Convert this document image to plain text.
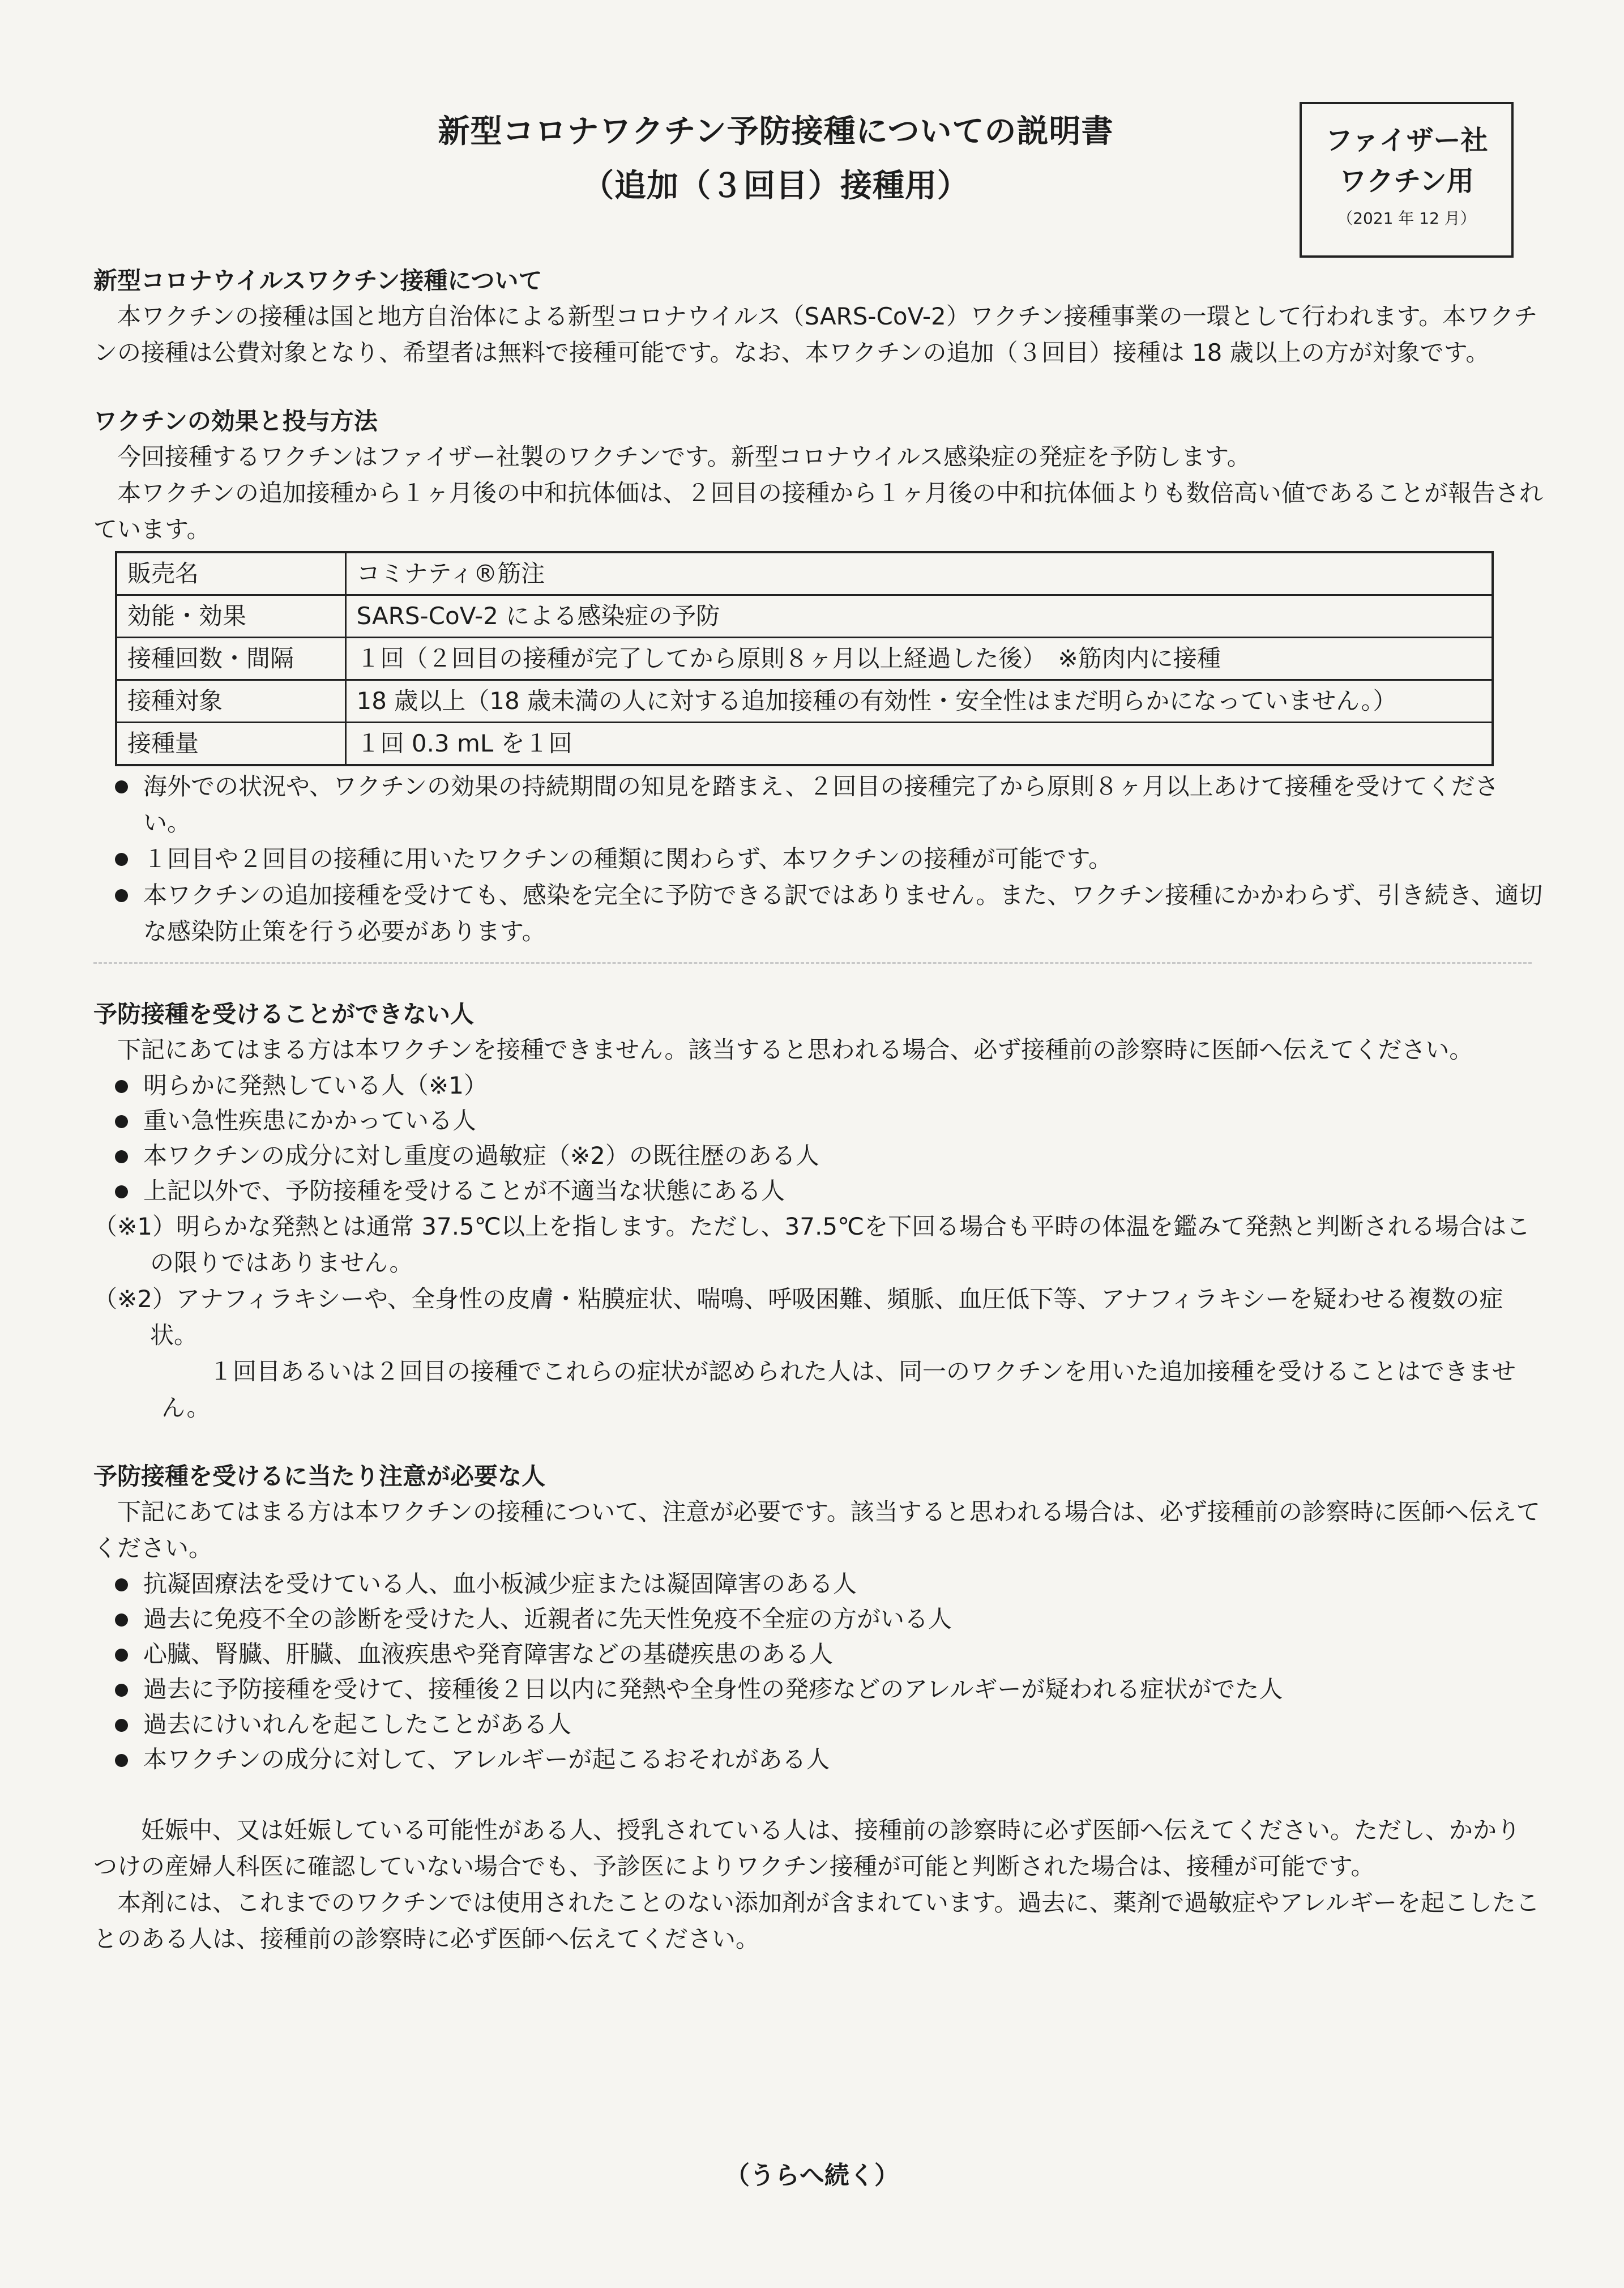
新型コロナワクチン予防接種についての説明書
（追加（３回目）接種用）
ファイザー社
ワクチン用
（2021 年 12 月）
新型コロナウイルスワクチン接種について

本ワクチンの接種は国と地方自治体による新型コロナウイルス（SARS-CoV-2）ワクチン接種事業の一環として行われます。本ワクチンの接種は公費対象となり、希望者は無料で接種可能です。なお、本ワクチンの追加（３回目）接種は 18 歳以上の方が対象です。

ワクチンの効果と投与方法

今回接種するワクチンはファイザー社製のワクチンです。新型コロナウイルス感染症の発症を予防します。

本ワクチンの追加接種から１ヶ月後の中和抗体価は、２回目の接種から１ヶ月後の中和抗体価よりも数倍高い値であることが報告されています。

販売名	コミナティ®筋注
効能・効果	SARS-CoV-2 による感染症の予防
接種回数・間隔	１回（２回目の接種が完了してから原則８ヶ月以上経過した後）　※筋肉内に接種
接種対象	18 歳以上（18 歳未満の人に対する追加接種の有効性・安全性はまだ明らかになっていません。）
接種量	１回 0.3 mL を１回
海外での状況や、ワクチンの効果の持続期間の知見を踏まえ、２回目の接種完了から原則８ヶ月以上あけて接種を受けてください。
１回目や２回目の接種に用いたワクチンの種類に関わらず、本ワクチンの接種が可能です。
本ワクチンの追加接種を受けても、感染を完全に予防できる訳ではありません。また、ワクチン接種にかかわらず、引き続き、適切な感染防止策を行う必要があります。
予防接種を受けることができない人

下記にあてはまる方は本ワクチンを接種できません。該当すると思われる場合、必ず接種前の診察時に医師へ伝えてください。

明らかに発熱している人（※1）
重い急性疾患にかかっている人
本ワクチンの成分に対し重度の過敏症（※2）の既往歴のある人
上記以外で、予防接種を受けることが不適当な状態にある人
（※1）明らかな発熱とは通常 37.5℃以上を指します。ただし、37.5℃を下回る場合も平時の体温を鑑みて発熱と判断される場合はこの限りではありません。
（※2）アナフィラキシーや、全身性の皮膚・粘膜症状、喘鳴、呼吸困難、頻脈、血圧低下等、アナフィラキシーを疑わせる複数の症状。
１回目あるいは２回目の接種でこれらの症状が認められた人は、同一のワクチンを用いた追加接種を受けることはできません。
予防接種を受けるに当たり注意が必要な人

下記にあてはまる方は本ワクチンの接種について、注意が必要です。該当すると思われる場合は、必ず接種前の診察時に医師へ伝えてください。

抗凝固療法を受けている人、血小板減少症または凝固障害のある人
過去に免疫不全の診断を受けた人、近親者に先天性免疫不全症の方がいる人
心臓、腎臓、肝臓、血液疾患や発育障害などの基礎疾患のある人
過去に予防接種を受けて、接種後２日以内に発熱や全身性の発疹などのアレルギーが疑われる症状がでた人
過去にけいれんを起こしたことがある人
本ワクチンの成分に対して、アレルギーが起こるおそれがある人

妊娠中、又は妊娠している可能性がある人、授乳されている人は、接種前の診察時に必ず医師へ伝えてください。ただし、かかりつけの産婦人科医に確認していない場合でも、予診医によりワクチン接種が可能と判断された場合は、接種が可能です。

本剤には、これまでのワクチンでは使用されたことのない添加剤が含まれています。過去に、薬剤で過敏症やアレルギーを起こしたことのある人は、接種前の診察時に必ず医師へ伝えてください。

（うらへ続く）
